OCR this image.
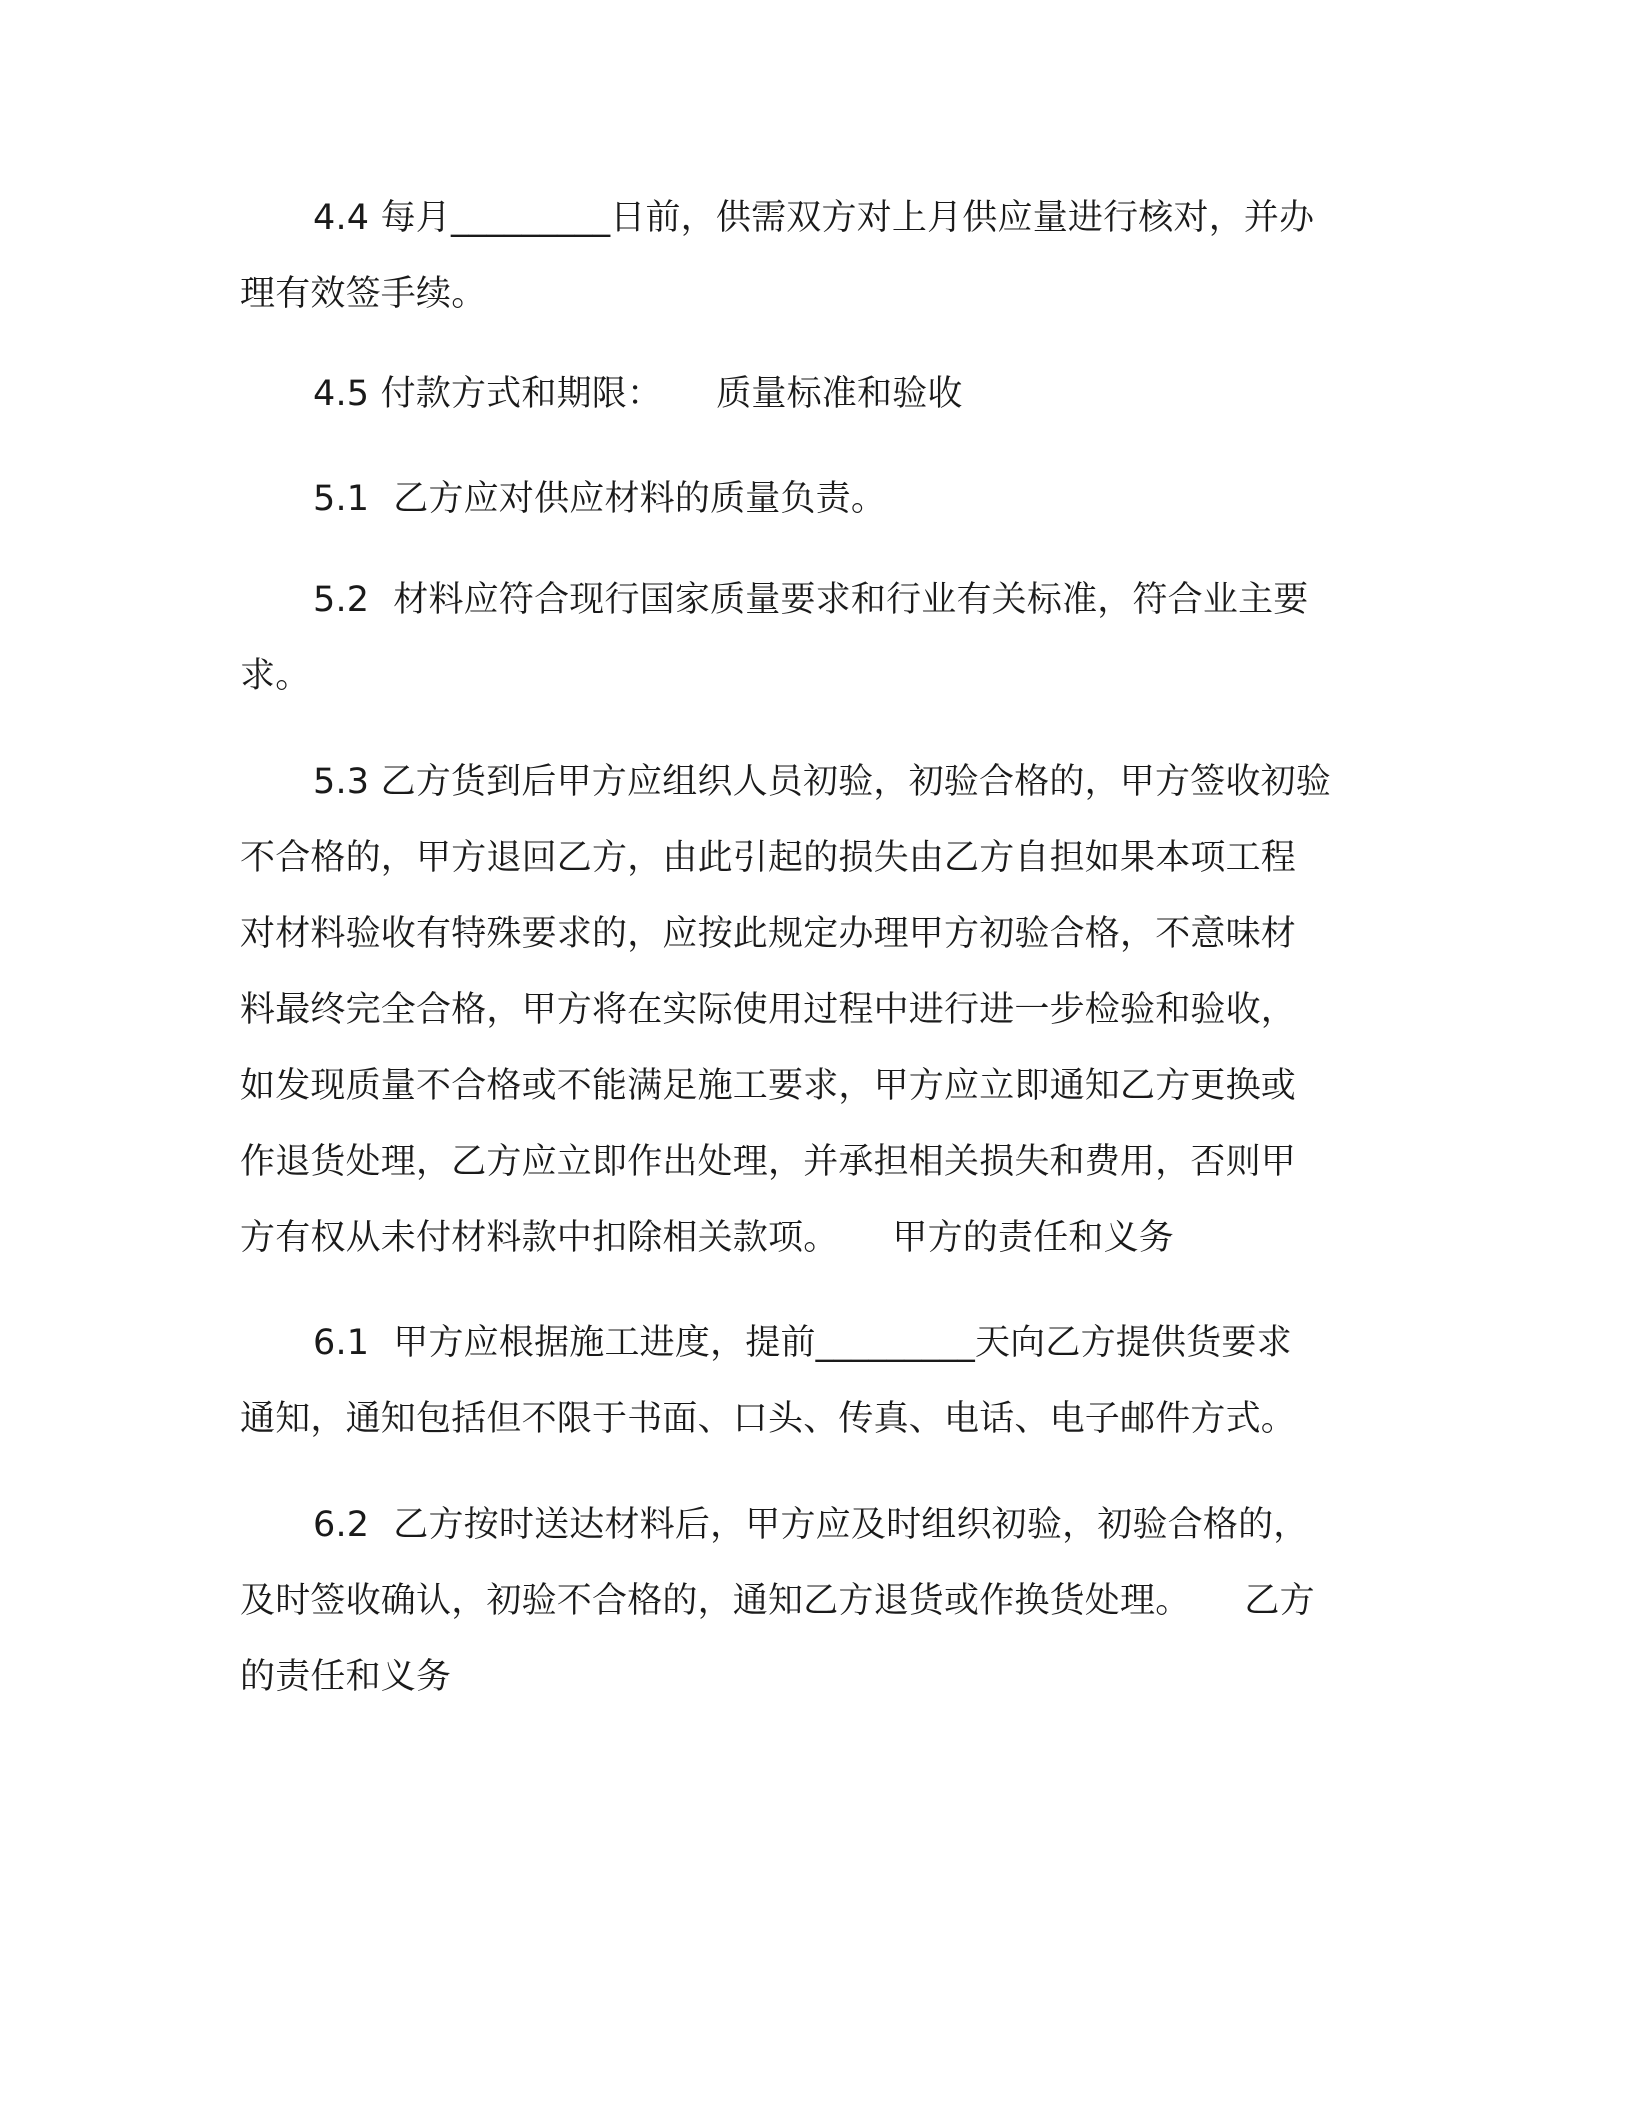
4.4 每月_________日前，供需双方对上月供应量进行核对，并办
理有效签手续。
4.5 付款方式和期限： 质量标准和验收
5.1 乙方应对供应材料的质量负责。
5.2 材料应符合现行国家质量要求和行业有关标准，符合业主要
求。
5.3 乙方货到后甲方应组织人员初验，初验合格的，甲方签收初验
不合格的，甲方退回乙方，由此引起的损失由乙方自担如果本项工程
对材料验收有特殊要求的，应按此规定办理甲方初验合格，不意味材
料最终完全合格，甲方将在实际使用过程中进行进一步检验和验收，
如发现质量不合格或不能满足施工要求，甲方应立即通知乙方更换或
作退货处理，乙方应立即作出处理，并承担相关损失和费用，否则甲
方有权从未付材料款中扣除相关款项。 甲方的责任和义务
6.1 甲方应根据施工进度，提前_________天向乙方提供货要求
通知，通知包括但不限于书面、口头、传真、电话、电子邮件方式。
6.2 乙方按时送达材料后，甲方应及时组织初验，初验合格的，
及时签收确认，初验不合格的，通知乙方退货或作换货处理。 乙方
的责任和义务
